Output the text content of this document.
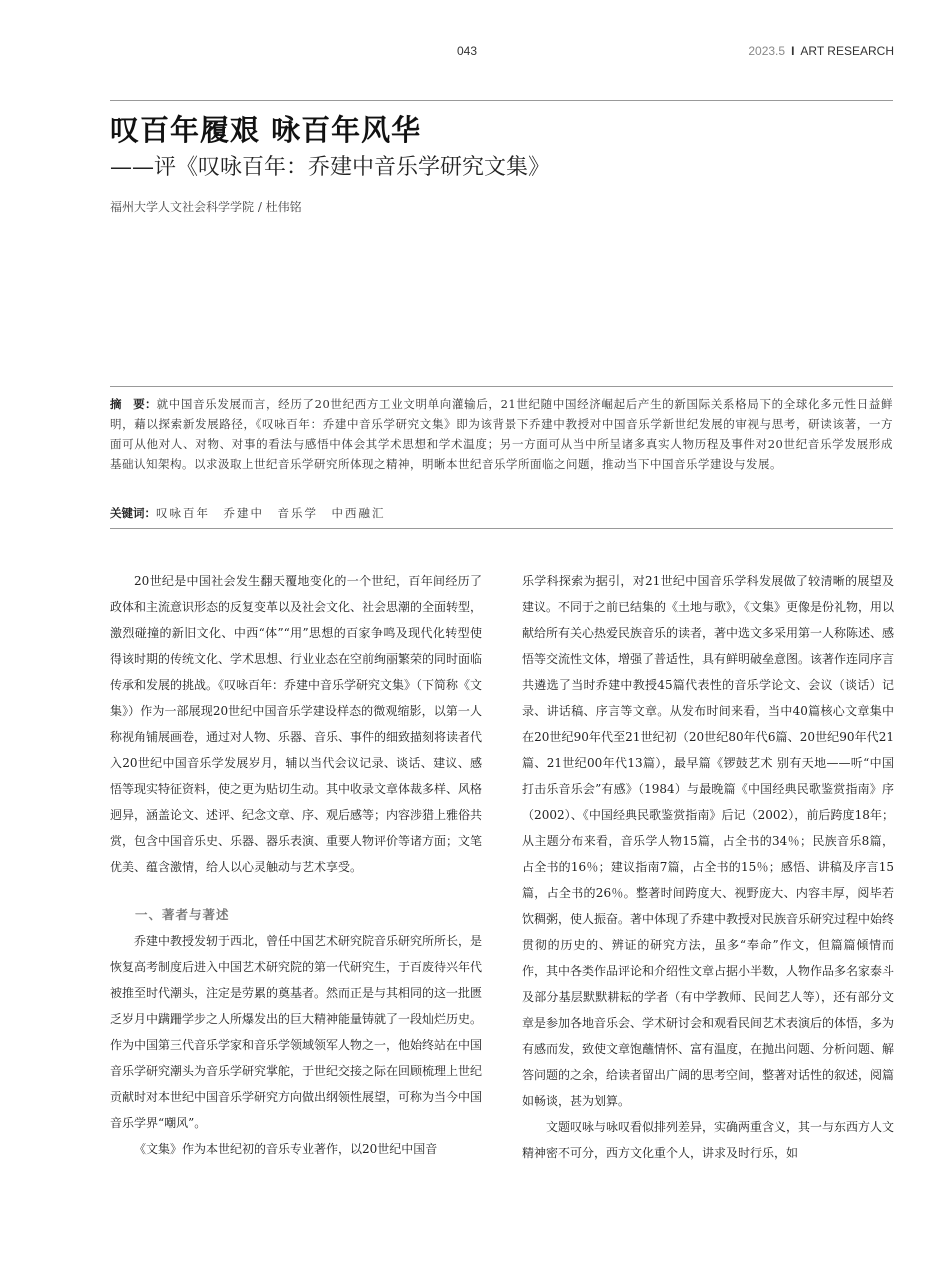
043	2023.5 I ART RESEARCH
叹百年履艰 咏百年风华
——评《叹咏百年：乔建中音乐学研究文集》
福州大学人文社会科学学院 / 杜伟铭
摘　要：就中国音乐发展而言，经历了20世纪西方工业文明单向灌输后，21世纪随中国经济崛起后产生的新国际关系格局下的全球化多元性日益鲜明，藉以探索新发展路径，《叹咏百年：乔建中音乐学研究文集》即为该背景下乔建中教授对中国音乐学新世纪发展的审视与思考，研读该著，一方面可从他对人、对物、对事的看法与感悟中体会其学术思想和学术温度；另一方面可从当中所呈诸多真实人物历程及事件对20世纪音乐学发展形成基础认知架构。以求汲取上世纪音乐学研究所体现之精神，明晰本世纪音乐学所面临之问题，推动当下中国音乐学建设与发展。
关键词：叹咏百年　乔建中　音乐学　中西融汇

20世纪是中国社会发生翻天覆地变化的一个世纪，百年间经历了政体和主流意识形态的反复变革以及社会文化、社会思潮的全面转型，激烈碰撞的新旧文化、中西“体”“用”思想的百家争鸣及现代化转型使得该时期的传统文化、学术思想、行业业态在空前绚丽繁荣的同时面临传承和发展的挑战。《叹咏百年：乔建中音乐学研究文集》（下简称《文集》）作为一部展现20世纪中国音乐学建设样态的微观缩影，以第一人称视角铺展画卷，通过对人物、乐器、音乐、事件的细致描刻将读者代入20世纪中国音乐学发展岁月，辅以当代会议记录、谈话、建议、感悟等现实特征资料，使之更为贴切生动。其中收录文章体裁多样、风格迥异，涵盖论文、述评、纪念文章、序、观后感等；内容涉猎上雅俗共赏，包含中国音乐史、乐器、器乐表演、重要人物评价等诸方面；文笔优美、蕴含激情，给人以心灵触动与艺术享受。

一、著者与著述

乔建中教授发轫于西北，曾任中国艺术研究院音乐研究所所长，是恢复高考制度后进入中国艺术研究院的第一代研究生，于百废待兴年代被推至时代潮头，注定是劳累的奠基者。然而正是与其相同的这一批匮乏岁月中蹒跚学步之人所爆发出的巨大精神能量铸就了一段灿烂历史。作为中国第三代音乐学家和音乐学领域领军人物之一，他始终站在中国音乐学研究潮头为音乐学研究掌舵，于世纪交接之际在回顾梳理上世纪贡献时对本世纪中国音乐学研究方向做出纲领性展望，可称为当今中国音乐学界“嘲风”。

《文集》作为本世纪初的音乐专业著作，以20世纪中国音

乐学科探索为据引，对21世纪中国音乐学科发展做了较清晰的展望及建议。不同于之前已结集的《土地与歌》，《文集》更像是份礼物，用以献给所有关心热爱民族音乐的读者，著中选文多采用第一人称陈述、感悟等交流性文体，增强了普适性，具有鲜明破垒意图。该著作连同序言共遴选了当时乔建中教授45篇代表性的音乐学论文、会议（谈话）记录、讲话稿、序言等文章。从发布时间来看，当中40篇核心文章集中在20世纪90年代至21世纪初（20世纪80年代6篇、20世纪90年代21篇、21世纪00年代13篇），最早篇《锣鼓艺术 别有天地——听“中国打击乐音乐会”有感》（1984）与最晚篇《中国经典民歌鉴赏指南》序（2002）、《中国经典民歌鉴赏指南》后记（2002），前后跨度18年；从主题分布来看，音乐学人物15篇，占全书的34％；民族音乐8篇，占全书的16％；建议指南7篇，占全书的15％；感悟、讲稿及序言15篇，占全书的26％。整著时间跨度大、视野庞大、内容丰厚，阅毕若饮稠粥，使人振奋。著中体现了乔建中教授对民族音乐研究过程中始终贯彻的历史的、辨证的研究方法，虽多“奉命”作文，但篇篇倾情而作，其中各类作品评论和介绍性文章占据小半数，人物作品多名家泰斗及部分基层默默耕耘的学者（有中学教师、民间艺人等），还有部分文章是参加各地音乐会、学术研讨会和观看民间艺术表演后的体悟，多为有感而发，致使文章饱蘸情怀、富有温度，在抛出问题、分析问题、解答问题的之余，给读者留出广阔的思考空间，整著对话性的叙述，阅篇如畅谈，甚为划算。

文题叹咏与咏叹看似排列差异，实确两重含义，其一与东西方人文精神密不可分，西方文化重个人，讲求及时行乐，如
